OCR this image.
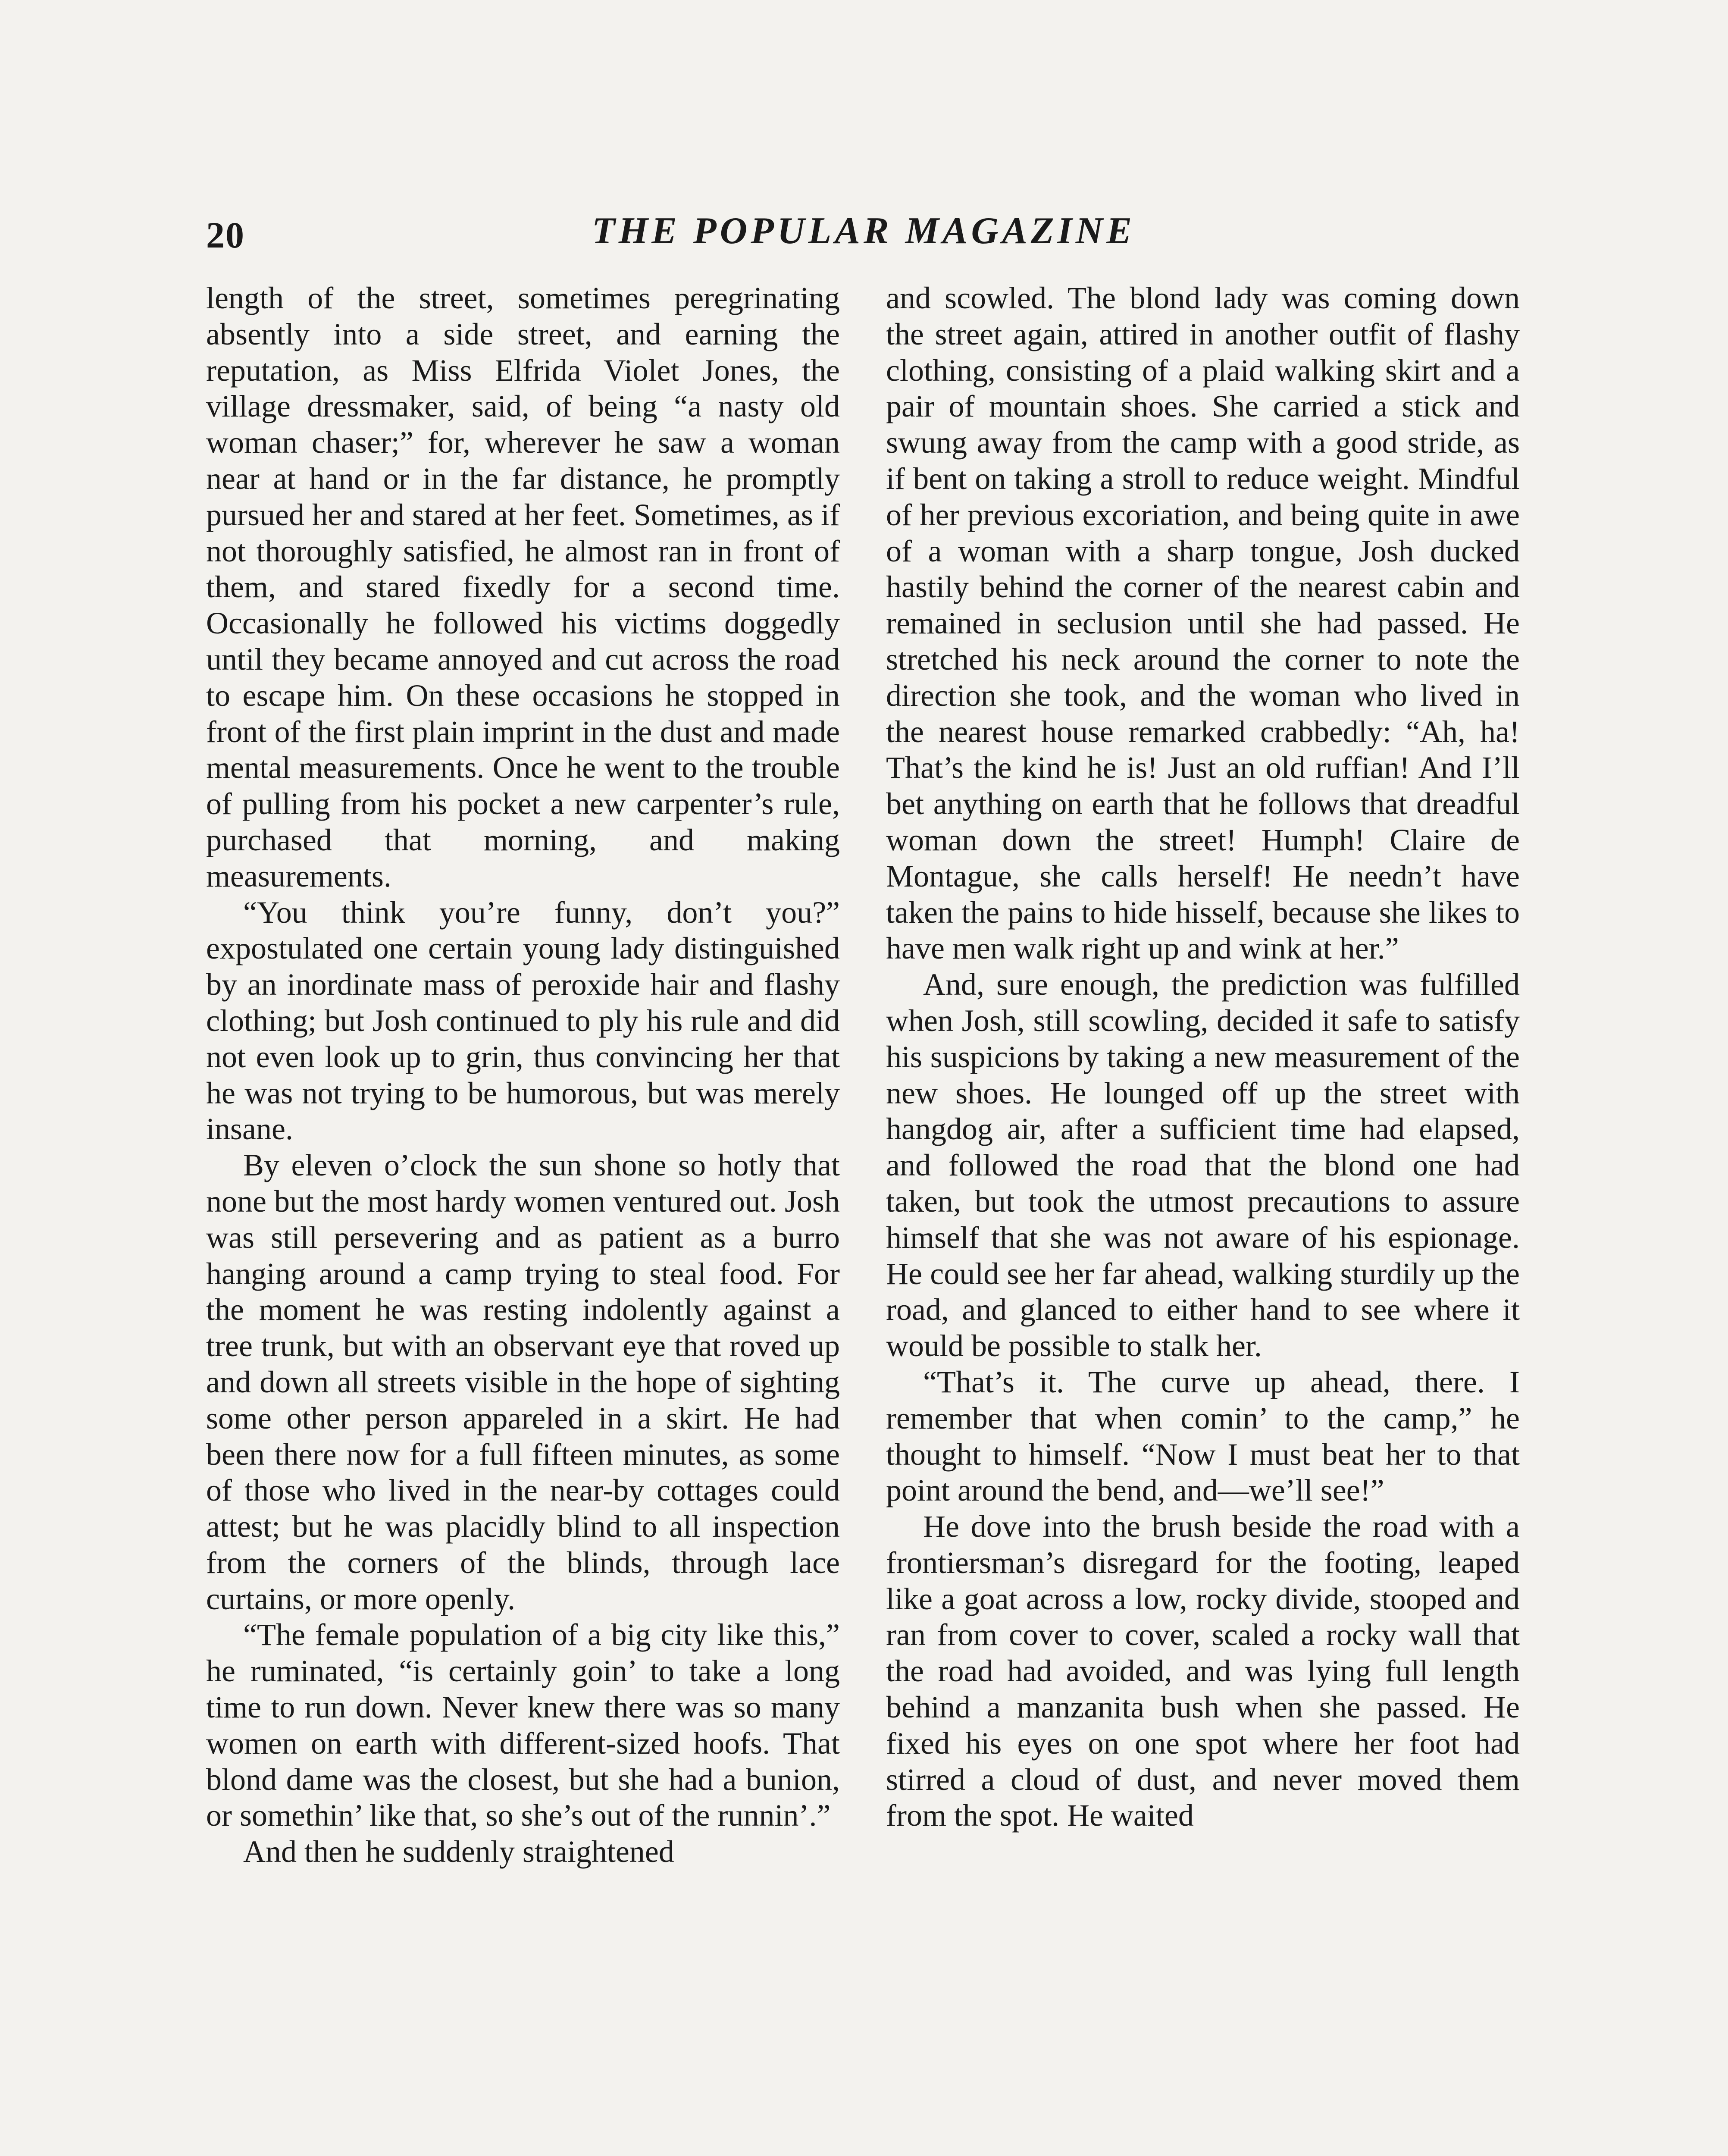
20	THE POPULAR MAGAZINE

length of the street, sometimes peregrinating absently into a side street, and earning the reputation, as Miss Elfrida Violet Jones, the village dressmaker, said, of being “a nasty old woman chaser;” for, wherever he saw a woman near at hand or in the far distance, he promptly pursued her and stared at her feet. Sometimes, as if not thoroughly satisfied, he almost ran in front of them, and stared fixedly for a second time. Occasionally he followed his victims doggedly until they became annoyed and cut across the road to escape him. On these occasions he stopped in front of the first plain imprint in the dust and made mental measurements. Once he went to the trouble of pulling from his pocket a new carpenter’s rule, purchased that morning, and making measurements.

“You think you’re funny, don’t you?” expostulated one certain young lady distinguished by an inordinate mass of peroxide hair and flashy clothing; but Josh continued to ply his rule and did not even look up to grin, thus convincing her that he was not trying to be humorous, but was merely insane.

By eleven o’clock the sun shone so hotly that none but the most hardy women ventured out. Josh was still persevering and as patient as a burro hanging around a camp trying to steal food. For the moment he was resting indolently against a tree trunk, but with an observant eye that roved up and down all streets visible in the hope of sighting some other person appareled in a skirt. He had been there now for a full fifteen minutes, as some of those who lived in the near-by cottages could attest; but he was placidly blind to all inspection from the corners of the blinds, through lace curtains, or more openly.

“The female population of a big city like this,” he ruminated, “is certainly goin’ to take a long time to run down. Never knew there was so many women on earth with different-sized hoofs. That blond dame was the closest, but she had a bunion, or somethin’ like that, so she’s out of the runnin’.”

And then he suddenly straightened

and scowled. The blond lady was coming down the street again, attired in another outfit of flashy clothing, consisting of a plaid walking skirt and a pair of mountain shoes. She carried a stick and swung away from the camp with a good stride, as if bent on taking a stroll to reduce weight. Mindful of her previous excoriation, and being quite in awe of a woman with a sharp tongue, Josh ducked hastily behind the corner of the nearest cabin and remained in seclusion until she had passed. He stretched his neck around the corner to note the direction she took, and the woman who lived in the nearest house remarked crabbedly: “Ah, ha! That’s the kind he is! Just an old ruffian! And I’ll bet anything on earth that he follows that dreadful woman down the street! Humph! Claire de Montague, she calls herself! He needn’t have taken the pains to hide hisself, because she likes to have men walk right up and wink at her.”

And, sure enough, the prediction was fulfilled when Josh, still scowling, decided it safe to satisfy his suspicions by taking a new measurement of the new shoes. He lounged off up the street with hangdog air, after a sufficient time had elapsed, and followed the road that the blond one had taken, but took the utmost precautions to assure himself that she was not aware of his espionage. He could see her far ahead, walking sturdily up the road, and glanced to either hand to see where it would be possible to stalk her.

“That’s it. The curve up ahead, there. I remember that when comin’ to the camp,” he thought to himself. “Now I must beat her to that point around the bend, and—we’ll see!”

He dove into the brush beside the road with a frontiersman’s disregard for the footing, leaped like a goat across a low, rocky divide, stooped and ran from cover to cover, scaled a rocky wall that the road had avoided, and was lying full length behind a manzanita bush when she passed. He fixed his eyes on one spot where her foot had stirred a cloud of dust, and never moved them from the spot. He waited
